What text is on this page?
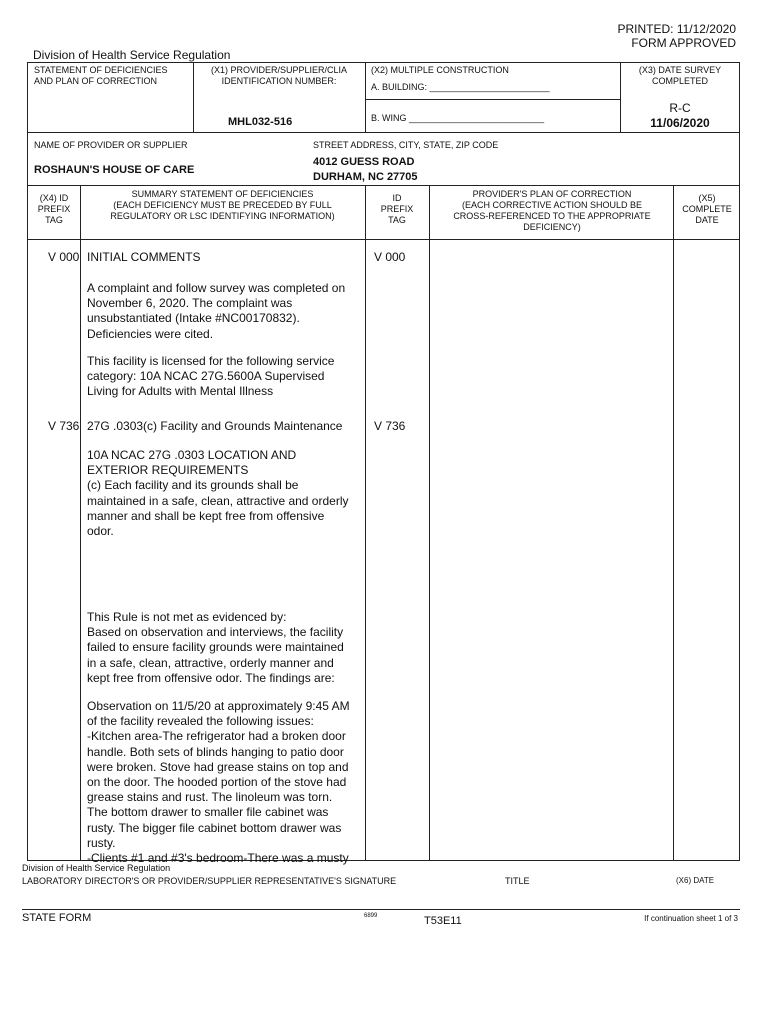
PRINTED: 11/12/2020
FORM APPROVED
Division of Health Service Regulation
STATEMENT OF DEFICIENCIES
AND PLAN OF CORRECTION
(X1) PROVIDER/SUPPLIER/CLIA
IDENTIFICATION NUMBER:
MHL032-516
(X2) MULTIPLE CONSTRUCTION
A. BUILDING: ________________________
B. WING ___________________________
(X3) DATE SURVEY
COMPLETED
R-C
11/06/2020
NAME OF PROVIDER OR SUPPLIER
ROSHAUN'S HOUSE OF CARE
STREET ADDRESS, CITY, STATE, ZIP CODE
4012 GUESS ROAD
DURHAM, NC 27705
(X4) ID
PREFIX
TAG
SUMMARY STATEMENT OF DEFICIENCIES
(EACH DEFICIENCY MUST BE PRECEDED BY FULL
REGULATORY OR LSC IDENTIFYING INFORMATION)
ID
PREFIX
TAG
PROVIDER'S PLAN OF CORRECTION
(EACH CORRECTIVE ACTION SHOULD BE
CROSS-REFERENCED TO THE APPROPRIATE
DEFICIENCY)
(X5)
COMPLETE
DATE
V 000	V 000
INITIAL COMMENTS
A complaint and follow survey was completed on
November 6, 2020. The complaint was
unsubstantiated (Intake #NC00170832).
Deficiencies were cited.
This facility is licensed for the following service
category: 10A NCAC 27G.5600A Supervised
Living for Adults with Mental Illness
V 736	V 736
27G .0303(c) Facility and Grounds Maintenance
10A NCAC 27G .0303 LOCATION AND
EXTERIOR REQUIREMENTS
(c) Each facility and its grounds shall be
maintained in a safe, clean, attractive and orderly
manner and shall be kept free from offensive
odor.
This Rule is not met as evidenced by:
Based on observation and interviews, the facility
failed to ensure facility grounds were maintained
in a safe, clean, attractive, orderly manner and
kept free from offensive odor. The findings are:
Observation on 11/5/20 at approximately 9:45 AM
of the facility revealed the following issues:
-Kitchen area-The refrigerator had a broken door
handle. Both sets of blinds hanging to patio door
were broken. Stove had grease stains on top and
on the door. The hooded portion of the stove had
grease stains and rust. The linoleum was torn.
The bottom drawer to smaller file cabinet was
rusty. The bigger file cabinet bottom drawer was
rusty.
-Clients #1 and #3's bedroom-There was a musty
Division of Health Service Regulation
LABORATORY DIRECTOR'S OR PROVIDER/SUPPLIER REPRESENTATIVE'S SIGNATURE	TITLE	(X6) DATE
STATE FORM	6899	T53E11	If continuation sheet 1 of 3
